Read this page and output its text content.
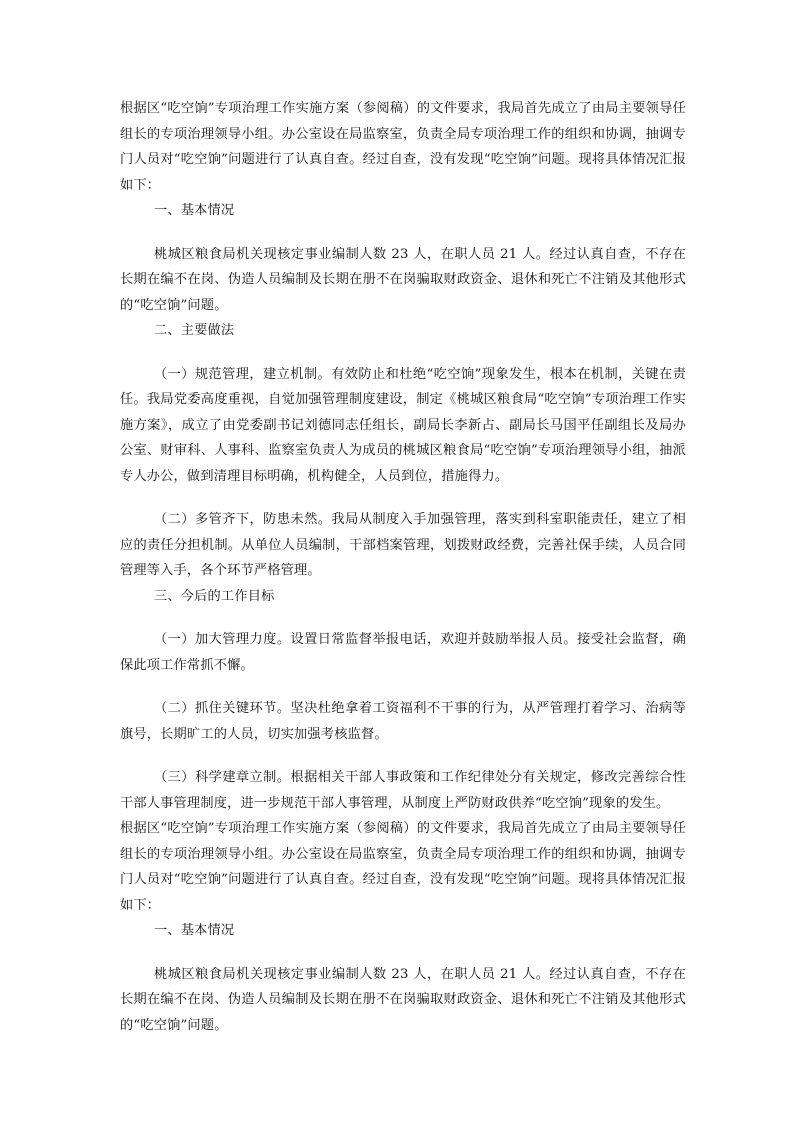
根据区“吃空饷”专项治理工作实施方案（参阅稿）的文件要求，我局首先成立了由局主要领导任组长的专项治理领导小组。办公室设在局监察室，负责全局专项治理工作的组织和协调，抽调专门人员对“吃空饷”问题进行了认真自查。经过自查，没有发现“吃空饷”问题。现将具体情况汇报如下：

一、基本情况

桃城区粮食局机关现核定事业编制人数 23 人，在职人员 21 人。经过认真自查，不存在长期在编不在岗、伪造人员编制及长期在册不在岗骗取财政资金、退休和死亡不注销及其他形式的“吃空饷”问题。

二、主要做法

（一）规范管理，建立机制。有效防止和杜绝“吃空饷”现象发生，根本在机制，关键在责任。我局党委高度重视，自觉加强管理制度建设，制定《桃城区粮食局“吃空饷”专项治理工作实施方案》，成立了由党委副书记刘德同志任组长，副局长李新占、副局长马国平任副组长及局办公室、财审科、人事科、监察室负责人为成员的桃城区粮食局“吃空饷”专项治理领导小组，抽派专人办公，做到清理目标明确，机构健全，人员到位，措施得力。

（二）多管齐下，防患未然。我局从制度入手加强管理，落实到科室职能责任，建立了相应的责任分担机制。从单位人员编制，干部档案管理，划拨财政经费，完善社保手续，人员合同管理等入手，各个环节严格管理。

三、今后的工作目标

（一）加大管理力度。设置日常监督举报电话，欢迎并鼓励举报人员。接受社会监督，确保此项工作常抓不懈。

（二）抓住关键环节。坚决杜绝拿着工资福利不干事的行为，从严管理打着学习、治病等旗号，长期旷工的人员，切实加强考核监督。

（三）科学建章立制。根据相关干部人事政策和工作纪律处分有关规定，修改完善综合性干部人事管理制度，进一步规范干部人事管理，从制度上严防财政供养“吃空饷”现象的发生。

根据区“吃空饷”专项治理工作实施方案（参阅稿）的文件要求，我局首先成立了由局主要领导任组长的专项治理领导小组。办公室设在局监察室，负责全局专项治理工作的组织和协调，抽调专门人员对“吃空饷”问题进行了认真自查。经过自查，没有发现“吃空饷”问题。现将具体情况汇报如下：

一、基本情况

桃城区粮食局机关现核定事业编制人数 23 人，在职人员 21 人。经过认真自查，不存在长期在编不在岗、伪造人员编制及长期在册不在岗骗取财政资金、退休和死亡不注销及其他形式的“吃空饷”问题。
